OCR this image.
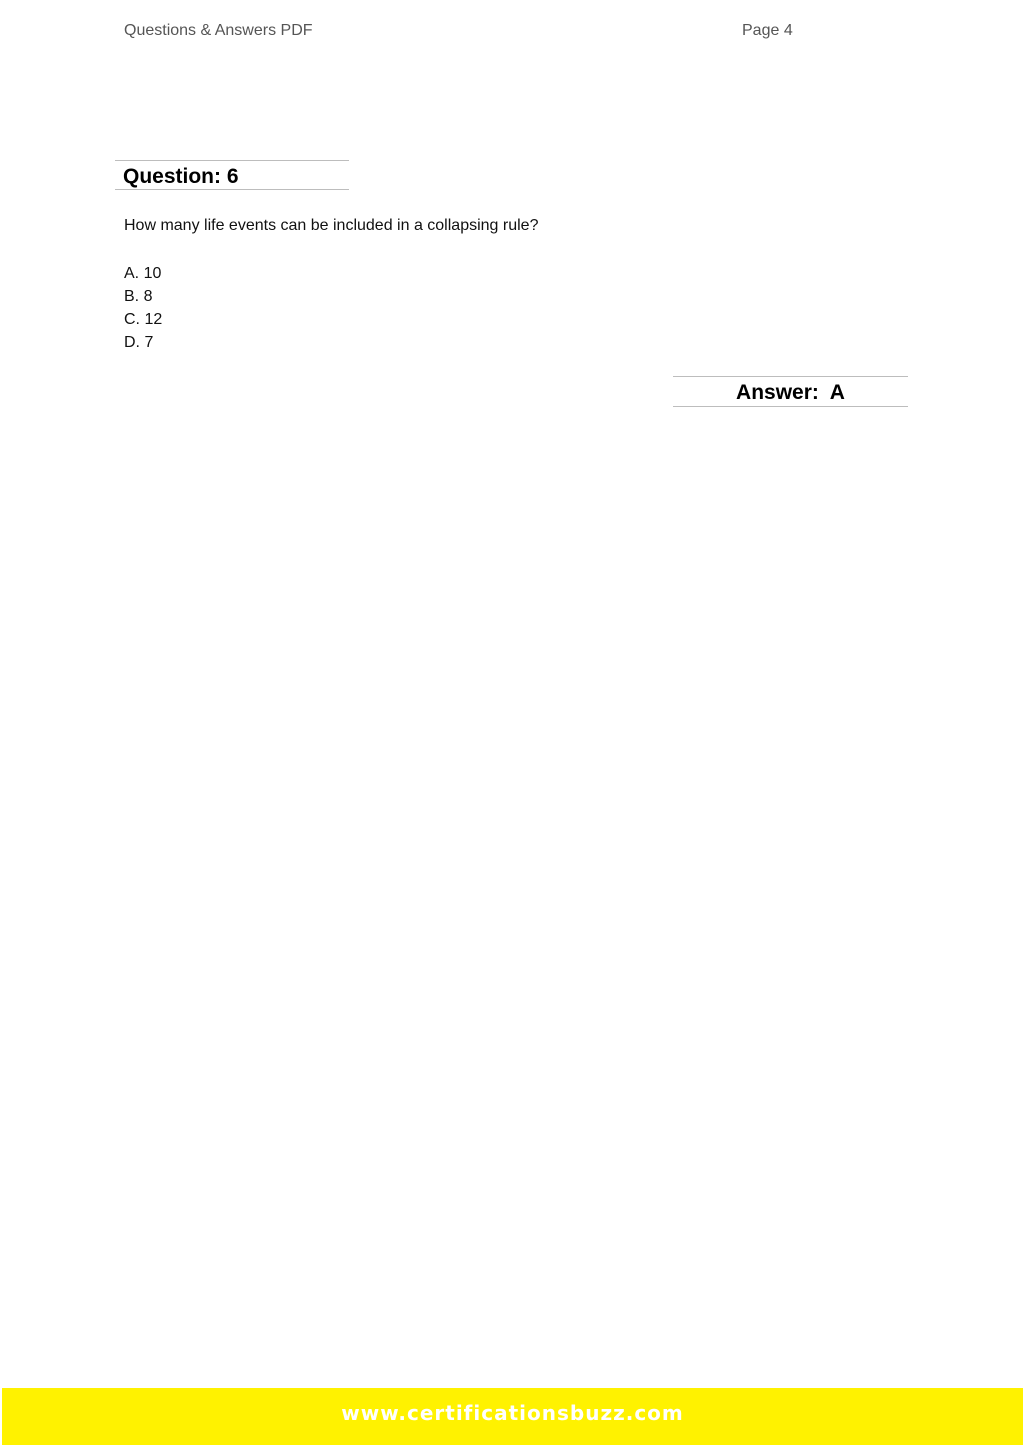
Questions & Answers PDF	Page 4
Question: 6
How many life events can be included in a collapsing rule?
A. 10
B. 8
C. 12
D. 7
Answer:  A
www.certificationsbuzz.com
